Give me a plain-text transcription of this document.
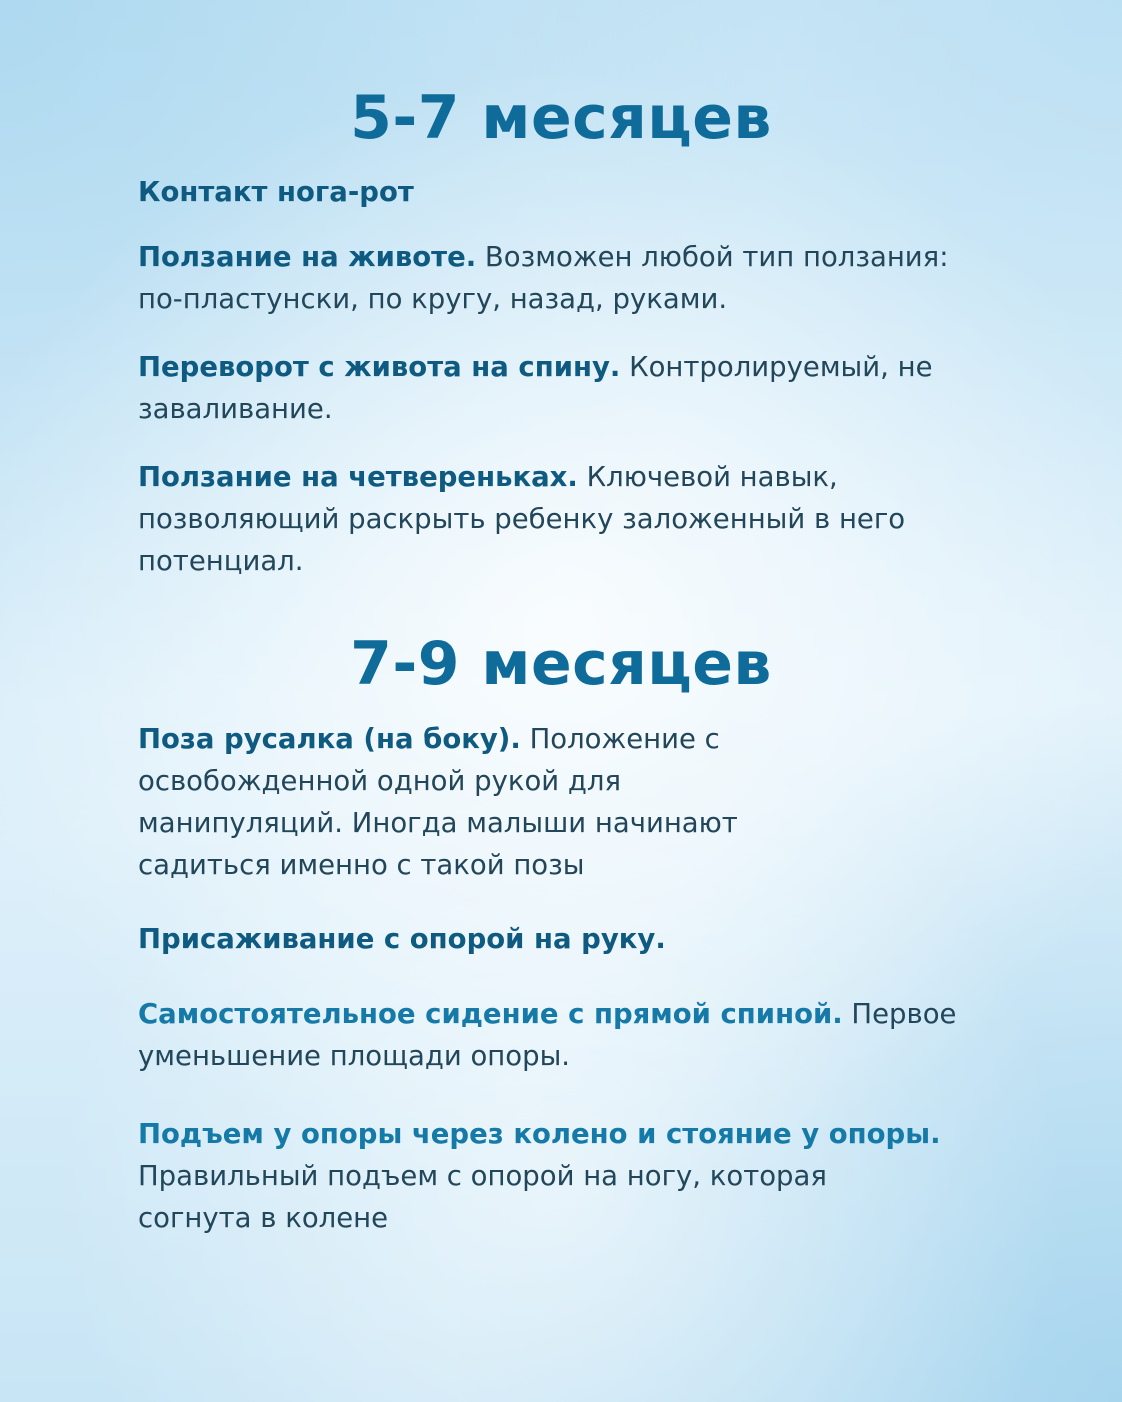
5-7 месяцев

Контакт нога-рот

Ползание на животе. Возможен любой тип ползания: по-пластунски, по кругу, назад, руками.

Переворот с живота на спину. Контролируемый, не заваливание.

Ползание на четвереньках. Ключевой навык, позволяющий раскрыть ребенку заложенный в него потенциал.

7-9 месяцев

Поза русалка (на боку). Положение с освобожденной одной рукой для манипуляций. Иногда малыши начинают садиться именно с такой позы

Присаживание с опорой на руку.

Самостоятельное сидение с прямой спиной. Первое уменьшение площади опоры.

Подъем у опоры через колено и стояние у опоры. Правильный подъем с опорой на ногу, которая согнута в колене
